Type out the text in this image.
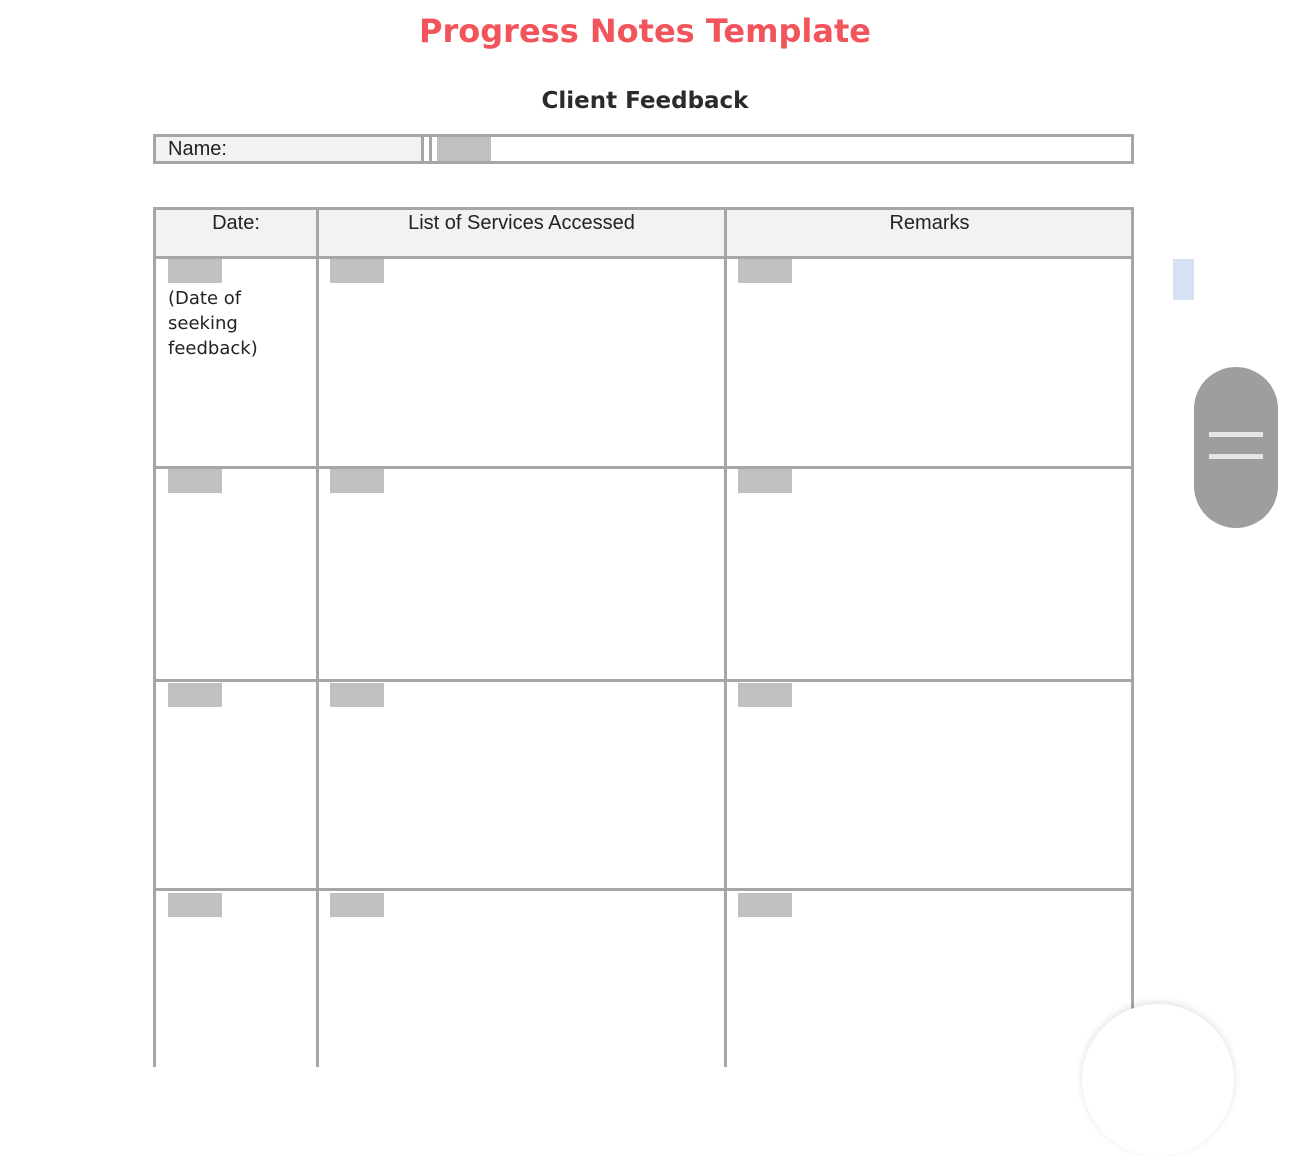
Progress Notes Template
Client Feedback
Name:
Date:	List of Services Accessed	Remarks
(Date of seeking feedback)
